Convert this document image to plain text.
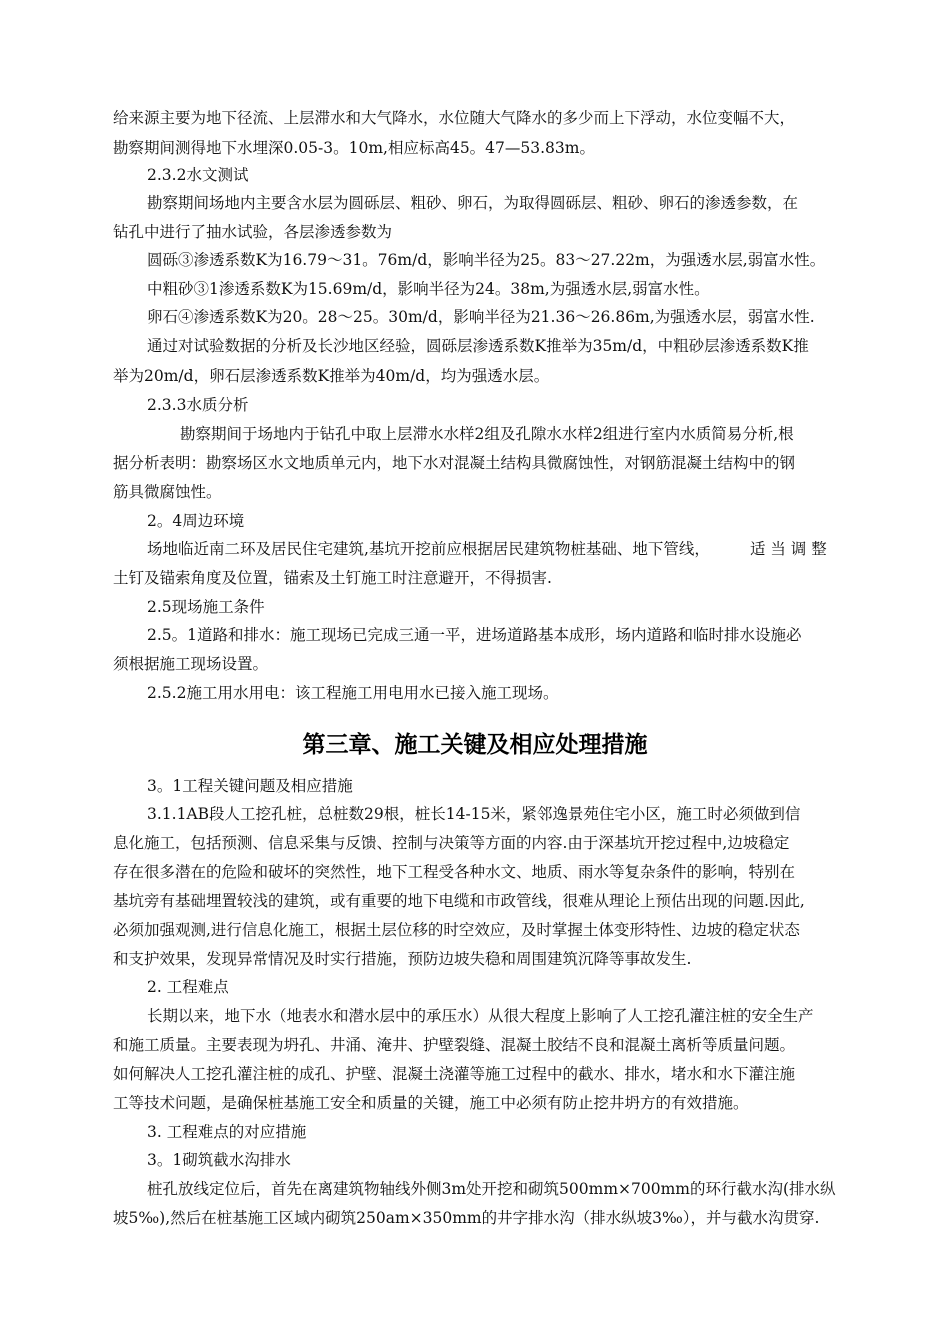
给来源主要为地下径流、上层滞水和大气降水，水位随大气降水的多少而上下浮动，水位变幅不大，
勘察期间测得地下水埋深0.05-3。10m,相应标高45。47—53.83m。
2.3.2水文测试
勘察期间场地内主要含水层为圆砾层、粗砂、卵石，为取得圆砾层、粗砂、卵石的渗透参数，在
钻孔中进行了抽水试验，各层渗透参数为
圆砾③渗透系数K为16.79～31。76m/d，影响半径为25。83～27.22m，为强透水层,弱富水性。
中粗砂③1渗透系数K为15.69m/d，影响半径为24。38m,为强透水层,弱富水性。
卵石④渗透系数K为20。28～25。30m/d，影响半径为21.36～26.86m,为强透水层，弱富水性.
通过对试验数据的分析及长沙地区经验，圆砾层渗透系数K推举为35m/d，中粗砂层渗透系数K推
举为20m/d，卵石层渗透系数K推举为40m/d，均为强透水层。
2.3.3水质分析
勘察期间于场地内于钻孔中取上层滞水水样2组及孔隙水水样2组进行室内水质简易分析,根
据分析表明：勘察场区水文地质单元内，地下水对混凝土结构具微腐蚀性，对钢筋混凝土结构中的钢
筋具微腐蚀性。
2。4周边环境
场地临近南二环及居民住宅建筑,基坑开挖前应根据居民建筑物桩基础、地下管线，	适 当 调 整
土钉及锚索角度及位置，锚索及土钉施工时注意避开，不得损害.
2.5现场施工条件
2.5。1道路和排水：施工现场已完成三通一平，进场道路基本成形，场内道路和临时排水设施必
须根据施工现场设置。
2.5.2施工用水用电：该工程施工用电用水已接入施工现场。
第三章、施工关键及相应处理措施
3。1工程关键问题及相应措施
3.1.1AB段人工挖孔桩，总桩数29根，桩长14-15米，紧邻逸景苑住宅小区，施工时必须做到信
息化施工，包括预测、信息采集与反馈、控制与决策等方面的内容.由于深基坑开挖过程中,边坡稳定
存在很多潜在的危险和破坏的突然性，地下工程受各种水文、地质、雨水等复杂条件的影响，特别在
基坑旁有基础埋置较浅的建筑，或有重要的地下电缆和市政管线，很难从理论上预估出现的问题.因此,
必须加强观测,进行信息化施工，根据土层位移的时空效应，及时掌握土体变形特性、边坡的稳定状态
和支护效果，发现异常情况及时实行措施，预防边坡失稳和周围建筑沉降等事故发生.
2. 工程难点
长期以来，地下水（地表水和潜水层中的承压水）从很大程度上影响了人工挖孔灌注桩的安全生产
和施工质量。主要表现为坍孔、井涌、淹井、护壁裂缝、混凝土胶结不良和混凝土离析等质量问题。
如何解决人工挖孔灌注桩的成孔、护壁、混凝土浇灌等施工过程中的截水、排水，堵水和水下灌注施
工等技术问题，是确保桩基施工安全和质量的关键，施工中必须有防止挖井坍方的有效措施。
3. 工程难点的对应措施
3。1砌筑截水沟排水
桩孔放线定位后，首先在离建筑物轴线外侧3m处开挖和砌筑500mm×700mm的环行截水沟(排水纵
坡5‰),然后在桩基施工区域内砌筑250am×350mm的井字排水沟（排水纵坡3‰），并与截水沟贯穿.
